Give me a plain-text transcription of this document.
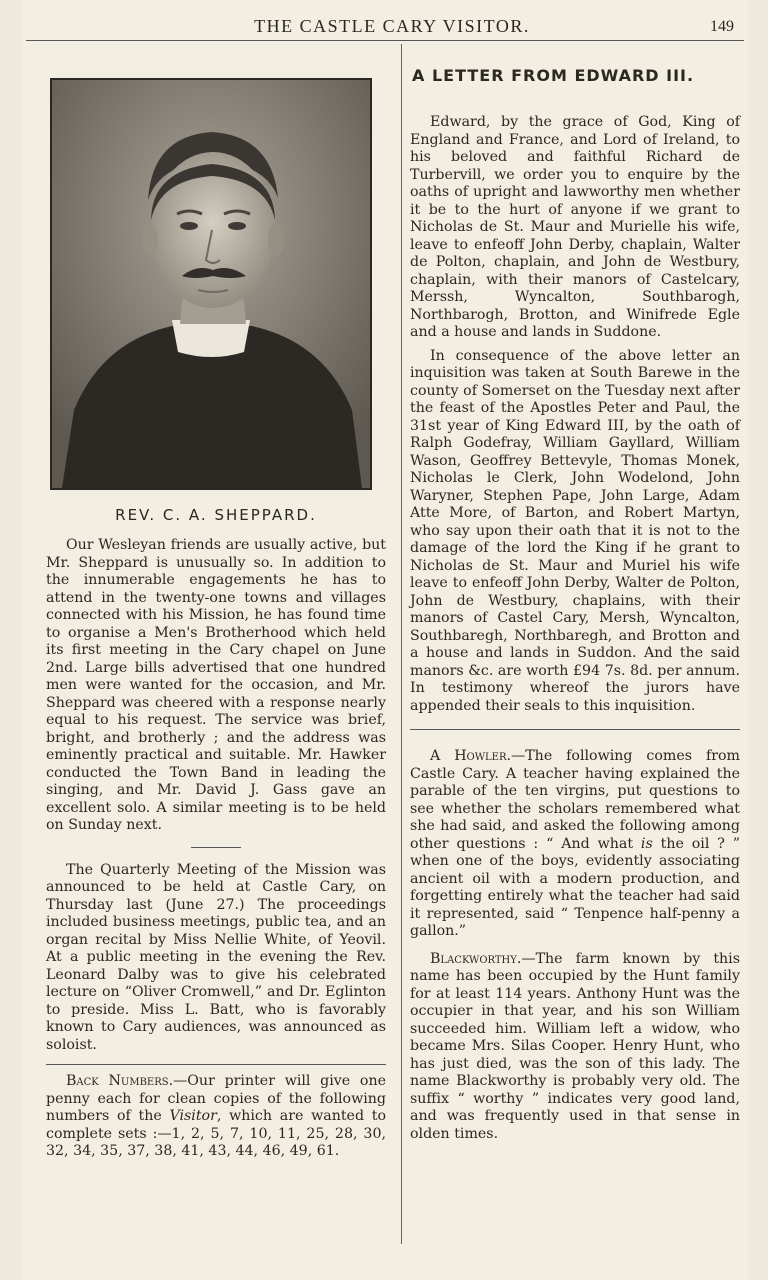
THE CASTLE CARY VISITOR.	149
REV. C. A. SHEPPARD.

Our Wesleyan friends are usually active, but Mr. Sheppard is unusually so. In addition to the innumerable engagements he has to attend in the twenty-one towns and villages connected with his Mission, he has found time to organise a Men's Brotherhood which held its first meeting in the Cary chapel on June 2nd. Large bills advertised that one hundred men were wanted for the occasion, and Mr. Sheppard was cheered with a response nearly equal to his request. The service was brief, bright, and brotherly ; and the address was eminently practical and suitable. Mr. Hawker conducted the Town Band in leading the singing, and Mr. David J. Gass gave an excellent solo. A similar meeting is to be held on Sunday next.

The Quarterly Meeting of the Mission was announced to be held at Castle Cary, on Thursday last (June 27.) The proceedings included business meetings, public tea, and an organ recital by Miss Nellie White, of Yeovil. At a public meeting in the evening the Rev. Leonard Dalby was to give his celebrated lecture on “Oliver Cromwell,” and Dr. Eglinton to preside. Miss L. Batt, who is favorably known to Cary audiences, was announced as soloist.

Back Numbers.—Our printer will give one penny each for clean copies of the following numbers of the Visitor, which are wanted to complete sets :—1, 2, 5, 7, 10, 11, 25, 28, 30, 32, 34, 35, 37, 38, 41, 43, 44, 46, 49, 61.

A LETTER FROM EDWARD III.

Edward, by the grace of God, King of England and France, and Lord of Ireland, to his beloved and faithful Richard de Turbervill, we order you to enquire by the oaths of upright and lawworthy men whether it be to the hurt of anyone if we grant to Nicholas de St. Maur and Murielle his wife, leave to enfeoff John Derby, chaplain, Walter de Polton, chaplain, and John de Westbury, chaplain, with their manors of Castelcary, Merssh, Wyncalton, Southbarogh, Northbarogh, Brotton, and Winifrede Egle and a house and lands in Suddone.

In consequence of the above letter an inquisition was taken at South Barewe in the county of Somerset on the Tuesday next after the feast of the Apostles Peter and Paul, the 31st year of King Edward III, by the oath of Ralph Godefray, William Gayllard, William Wason, Geoffrey Bettevyle, Thomas Monek, Nicholas le Clerk, John Wodelond, John Waryner, Stephen Pape, John Large, Adam Atte More, of Barton, and Robert Martyn, who say upon their oath that it is not to the damage of the lord the King if he grant to Nicholas de St. Maur and Muriel his wife leave to enfeoff John Derby, Walter de Polton, John de Westbury, chaplains, with their manors of Castel Cary, Mersh, Wyncalton, Southbaregh, Northbaregh, and Brotton and a house and lands in Suddon. And the said manors &c. are worth £94 7s. 8d. per annum. In testimony whereof the jurors have appended their seals to this inquisition.

A Howler.—The following comes from Castle Cary. A teacher having explained the parable of the ten virgins, put questions to see whether the scholars remembered what she had said, and asked the following among other questions : “ And what is the oil ? ” when one of the boys, evidently associating ancient oil with a modern production, and forgetting entirely what the teacher had said it represented, said “ Tenpence half-penny a gallon.”

Blackworthy.—The farm known by this name has been occupied by the Hunt family for at least 114 years. Anthony Hunt was the occupier in that year, and his son William succeeded him. William left a widow, who became Mrs. Silas Cooper. Henry Hunt, who has just died, was the son of this lady. The name Blackworthy is probably very old. The suffix “ worthy ” indicates very good land, and was frequently used in that sense in olden times.
